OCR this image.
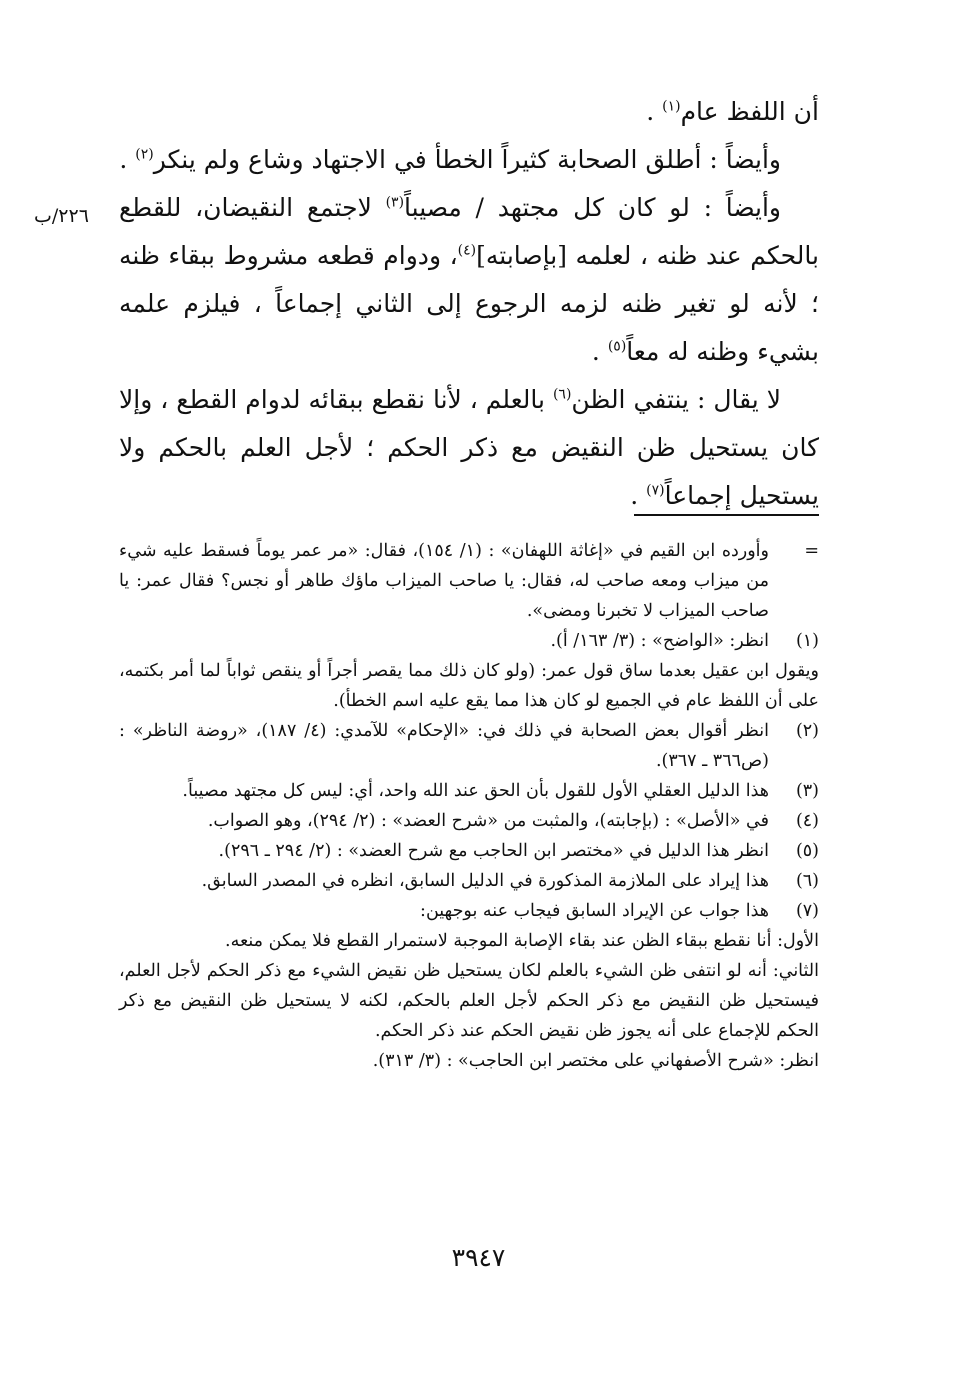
أن اللفظ عام$^{(١)}$ .

وأيضاً : أطلق الصحابة كثيراً الخطأ في الاجتهاد وشاع ولم ينكر$^{(٢)}$ .

وأيضاً : لو كان كل مجتهد / مصيباً$^{(٣)}$ لاجتمع النقيضان، للقطع بالحكم عند ظنه ، لعلمه [بإصابته]$^{(٤)}$، ودوام قطعه مشروط ببقاء ظنه ؛ لأنه لو تغير ظنه لزمه الرجوع إلى الثاني إجماعاً ، فيلزم علمه بشيء وظنه له معاً$^{(٥)}$ .

لا يقال : ينتفي الظن$^{(٦)}$ بالعلم ، لأنا نقطع ببقائه لدوام القطع ، وإلا كان يستحيل ظن النقيض مع ذكر الحكم ؛ لأجل العلم بالحكم ولا يستحيل إجماعاً$^{(٧)}$ .

٢٢٦/ب
=
وأورده ابن القيم في «إغاثة اللهفان» : (١/ ١٥٤)، فقال: «مر عمر يوماً فسقط عليه شيء من ميزاب ومعه صاحب له، فقال: يا صاحب الميزاب ماؤك طاهر أو نجس؟ فقال عمر: يا صاحب الميزاب لا تخبرنا ومضى».
(١)
انظر: «الواضح» : (٣/ ١٦٣/ أ).

ويقول ابن عقيل بعدما ساق قول عمر: (ولو كان ذلك مما يقصر أجراً أو ينقص ثواباً لما أمر بكتمه، على أن اللفظ عام في الجميع لو كان هذا مما يقع عليه اسم الخطأ).

(٢)
انظر أقوال بعض الصحابة في ذلك في: «الإحكام» للآمدي: (٤/ ١٨٧)، «روضة الناظر» : (ص٣٦٦ ـ ٣٦٧).
(٣)
هذا الدليل العقلي الأول للقول بأن الحق عند الله واحد، أي: ليس كل مجتهد مصيباً.
(٤)
في «الأصل» : (بإجابته)، والمثبت من «شرح العضد» : (٢/ ٢٩٤)، وهو الصواب.
(٥)
انظر هذا الدليل في «مختصر ابن الحاجب مع شرح العضد» : (٢/ ٢٩٤ ـ ٢٩٦).
(٦)
هذا إيراد على الملازمة المذكورة في الدليل السابق، انظره في المصدر السابق.
(٧)
هذا جواب عن الإيراد السابق فيجاب عنه بوجهين:

الأول: أنا نقطع ببقاء الظن عند بقاء الإصابة الموجبة لاستمرار القطع فلا يمكن منعه.

الثاني: أنه لو انتفى ظن الشيء بالعلم لكان يستحيل ظن نقيض الشيء مع ذكر الحكم لأجل العلم، فيستحيل ظن النقيض مع ذكر الحكم لأجل العلم بالحكم، لكنه لا يستحيل ظن النقيض مع ذكر الحكم للإجماع على أنه يجوز ظن نقيض الحكم عند ذكر الحكم.

انظر: «شرح الأصفهاني على مختصر ابن الحاجب» : (٣/ ٣١٣).

٣٩٤٧
